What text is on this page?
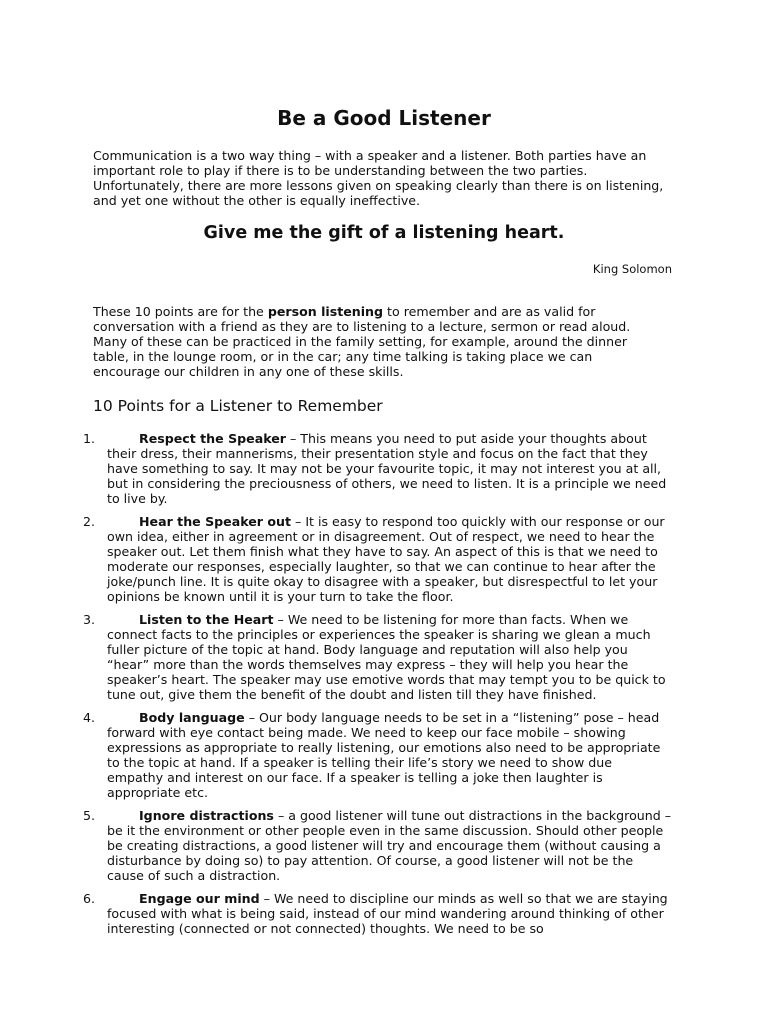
Be a Good Listener

Communication is a two way thing – with a speaker and a listener. Both parties have an important role to play if there is to be understanding between the two parties. Unfortunately, there are more lessons given on speaking clearly than there is on listening, and yet one without the other is equally ineffective.

Give me the gift of a listening heart.
King Solomon

These 10 points are for the person listening to remember and are as valid for conversation with a friend as they are to listening to a lecture, sermon or read aloud. Many of these can be practiced in the family setting, for example, around the dinner table, in the lounge room, or in the car; any time talking is taking place we can encourage our children in any one of these skills.

10 Points for a Listener to Remember
1.	Respect the Speaker – This means you need to put aside your thoughts about their dress, their mannerisms, their presentation style and focus on the fact that they have something to say. It may not be your favourite topic, it may not interest you at all, but in considering the preciousness of others, we need to listen. It is a principle we need to live by.
2.	Hear the Speaker out – It is easy to respond too quickly with our response or our own idea, either in agreement or in disagreement. Out of respect, we need to hear the speaker out. Let them finish what they have to say. An aspect of this is that we need to moderate our responses, especially laughter, so that we can continue to hear after the joke/punch line. It is quite okay to disagree with a speaker, but disrespectful to let your opinions be known until it is your turn to take the floor.
3.	Listen to the Heart – We need to be listening for more than facts. When we connect facts to the principles or experiences the speaker is sharing we glean a much fuller picture of the topic at hand. Body language and reputation will also help you “hear” more than the words themselves may express – they will help you hear the speaker’s heart. The speaker may use emotive words that may tempt you to be quick to tune out, give them the benefit of the doubt and listen till they have finished.
4.	Body language – Our body language needs to be set in a “listening” pose – head forward with eye contact being made. We need to keep our face mobile – showing expressions as appropriate to really listening, our emotions also need to be appropriate to the topic at hand. If a speaker is telling their life’s story we need to show due empathy and interest on our face. If a speaker is telling a joke then laughter is appropriate etc.
5.	Ignore distractions – a good listener will tune out distractions in the background – be it the environment or other people even in the same discussion. Should other people be creating distractions, a good listener will try and encourage them (without causing a disturbance by doing so) to pay attention. Of course, a good listener will not be the cause of such a distraction.
6.	Engage our mind – We need to discipline our minds as well so that we are staying focused with what is being said, instead of our mind wandering around thinking of other interesting (connected or not connected) thoughts. We need to be so
